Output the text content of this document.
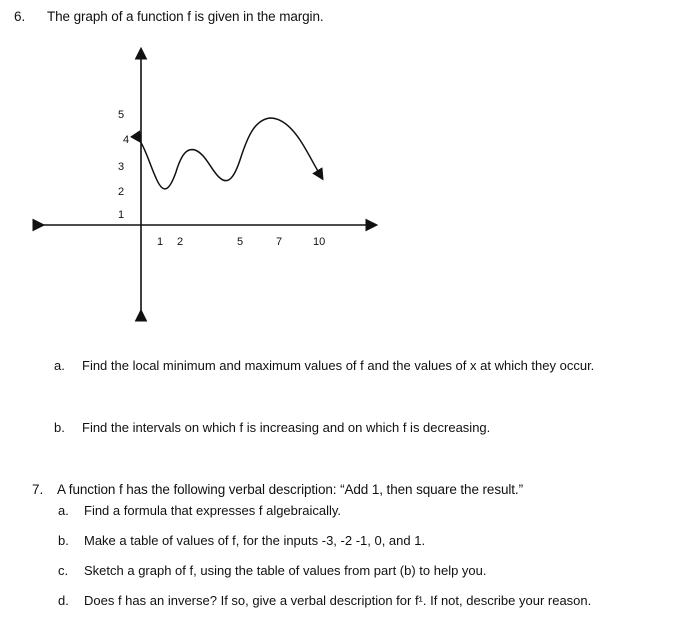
6. The graph of a function f is given in the margin.
5
4
3
2
1
1 2	5	7	10
a. Find the local minimum and maximum values of f and the values of x at which they occur.
b. Find the intervals on which f is increasing and on which f is decreasing.
7. A function f has the following verbal description: “Add 1, then square the result.”
a. Find a formula that expresses f algebraically.
b. Make a table of values of f, for the inputs -3, -2 -1, 0, and 1.
c. Sketch a graph of f, using the table of values from part (b) to help you.
d. Does f has an inverse? If so, give a verbal description for f¹. If not, describe your reason.
